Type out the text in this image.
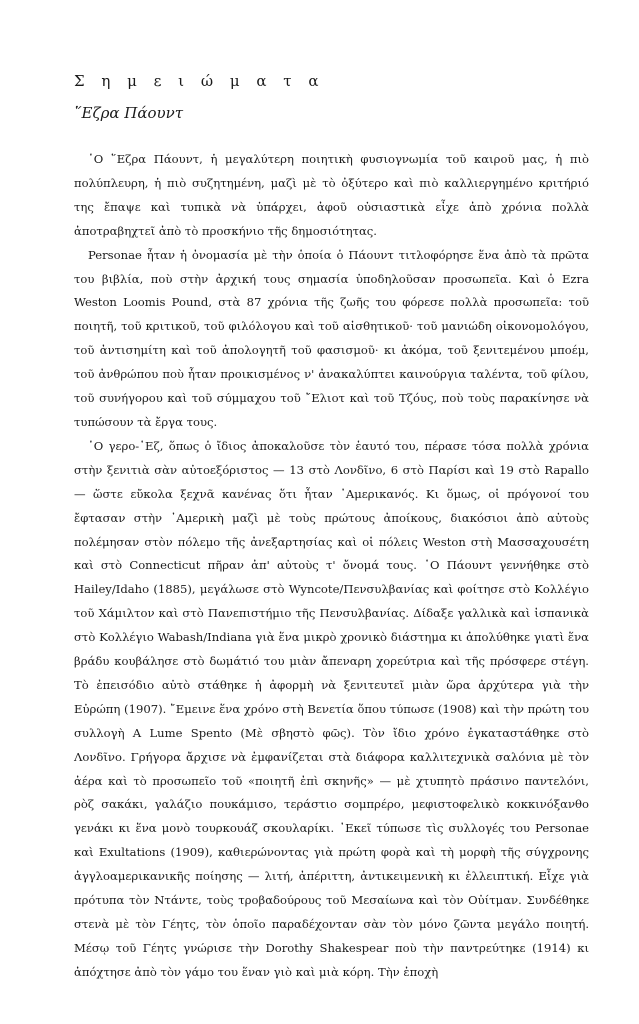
Σ η μ ε ι ώ μ α τ α
῞Εζρα Πάουντ

῾Ο ῞Εζρα Πάουντ, ἡ μεγαλύτερη ποιητικὴ φυσιογνωμία τοῦ καιροῦ μας, ἡ πιὸ πολύπλευρη, ἡ πιὸ συζητημένη, μαζὶ μὲ τὸ ὀξύτερο καὶ πιὸ καλλιεργημένο κριτήριό της ἔπαψε καὶ τυπικὰ νὰ ὑπάρχει, ἀφοῦ οὐσιαστικὰ εἶχε ἀπὸ χρόνια πολλὰ ἀποτραβηχτεῖ ἀπὸ τὸ προσκήνιο τῆς δημοσιότητας.

Personae ἦταν ἡ ὀνομασία μὲ τὴν ὁποία ὁ Πάουντ τιτλοφόρησε ἕνα ἀπὸ τὰ πρῶτα του βιβλία, ποὺ στὴν ἀρχική τους σημασία ὑποδηλοῦσαν προσωπεῖα. Καὶ ὁ Ezra Weston Loomis Pound, στὰ 87 χρόνια τῆς ζωῆς του φόρεσε πολλὰ προσωπεῖα: τοῦ ποιητῆ, τοῦ κριτικοῦ, τοῦ φιλόλογου καὶ τοῦ αἰσθητικοῦ· τοῦ μανιώδη οἰκονομολόγου, τοῦ ἀντισημίτη καὶ τοῦ ἀπολογητῆ τοῦ φασισμοῦ· κι ἀκόμα, τοῦ ξενιτεμένου μποέμ, τοῦ ἀνθρώπου ποὺ ἦταν προικισμένος ν' ἀνακαλύπτει καινούργια ταλέντα, τοῦ φίλου, τοῦ συνήγορου καὶ τοῦ σύμμαχου τοῦ ῎Ελιοτ καὶ τοῦ Τζόυς, ποὺ τοὺς παρακίνησε νὰ τυπώσουν τὰ ἔργα τους.

῾Ο γερο-῾Εζ, ὅπως ὁ ἴδιος ἀποκαλοῦσε τὸν ἑαυτό του, πέρασε τόσα πολλὰ χρόνια στὴν ξενιτιὰ σὰν αὐτοεξόριστος — 13 στὸ Λονδῖνο, 6 στὸ Παρίσι καὶ 19 στὸ Rapallo — ὥστε εὔκολα ξεχνᾶ κανένας ὅτι ἦταν ᾿Αμερικανός. Κι ὅμως, οἱ πρόγονοί του ἔφτασαν στὴν ᾿Αμερικὴ μαζὶ μὲ τοὺς πρώτους ἀποίκους, διακόσιοι ἀπὸ αὐτοὺς πολέμησαν στὸν πόλεμο τῆς ἀνεξαρτησίας καὶ οἱ πόλεις Weston στὴ Μασσαχουσέτη καὶ στὸ Connecticut πῆραν ἀπ' αὐτοὺς τ' ὄνομά τους. ῾Ο Πάουντ γεννήθηκε στὸ Hailey/Idaho (1885), μεγάλωσε στὸ Wyncote/Πενσυλβανίας καὶ φοίτησε στὸ Κολλέγιο τοῦ Χάμιλτον καὶ στὸ Πανεπιστήμιο τῆς Πενσυλβανίας. Δίδαξε γαλλικὰ καὶ ἱσπανικὰ στὸ Κολλέγιο Wabash/Indiana γιὰ ἕνα μικρὸ χρονικὸ διάστημα κι ἀπολύθηκε γιατὶ ἕνα βράδυ κουβάλησε στὸ δωμάτιό του μιὰν ἄπεναρη χορεύτρια καὶ τῆς πρόσφερε στέγη. Τὸ ἐπεισόδιο αὐτὸ στάθηκε ἡ ἀφορμὴ νὰ ξενιτευτεῖ μιὰν ὥρα ἀρχύτερα γιὰ τὴν Εὐρώπη (1907). ῎Εμεινε ἕνα χρόνο στὴ Βενετία ὅπου τύπωσε (1908) καὶ τὴν πρώτη του συλλογὴ A Lume Spento (Μὲ σβηστὸ φῶς). Τὸν ἴδιο χρόνο ἐγκαταστάθηκε στὸ Λονδῖνο. Γρήγορα ἄρχισε νὰ ἐμφανίζεται στὰ διάφορα καλλιτεχνικὰ σαλόνια μὲ τὸν ἀέρα καὶ τὸ προσωπεῖο τοῦ «ποιητῆ ἐπὶ σκηνῆς» — μὲ χτυπητὸ πράσινο παντελόνι, ρὸζ σακάκι, γαλάζιο πουκάμισο, τεράστιο σομπρέρο, μεφιστοφελικὸ κοκκινόξανθο γενάκι κι ἕνα μονὸ τουρκουάζ σκουλαρίκι. ᾿Εκεῖ τύπωσε τὶς συλλογές του Personae καὶ Exultations (1909), καθιερώνοντας γιὰ πρώτη φορὰ καὶ τὴ μορφὴ τῆς σύγχρονης ἀγγλοαμερικανικῆς ποίησης — λιτή, ἀπέριττη, ἀντικειμενικὴ κι ἐλλειπτική. Εἶχε γιὰ πρότυπα τὸν Ντάντε, τοὺς τροβαδούρους τοῦ Μεσαίωνα καὶ τὸν Οὐίτμαν. Συνδέθηκε στενὰ μὲ τὸν Γέητς, τὸν ὁποῖο παραδέχονταν σὰν τὸν μόνο ζῶντα μεγάλο ποιητή. Μέσῳ τοῦ Γέητς γνώρισε τὴν Dorothy Shakespear ποὺ τὴν παντρεύτηκε (1914) κι ἀπόχτησε ἀπὸ τὸν γάμο του ἕναν γιὸ καὶ μιὰ κόρη. Τὴν ἐποχὴ
